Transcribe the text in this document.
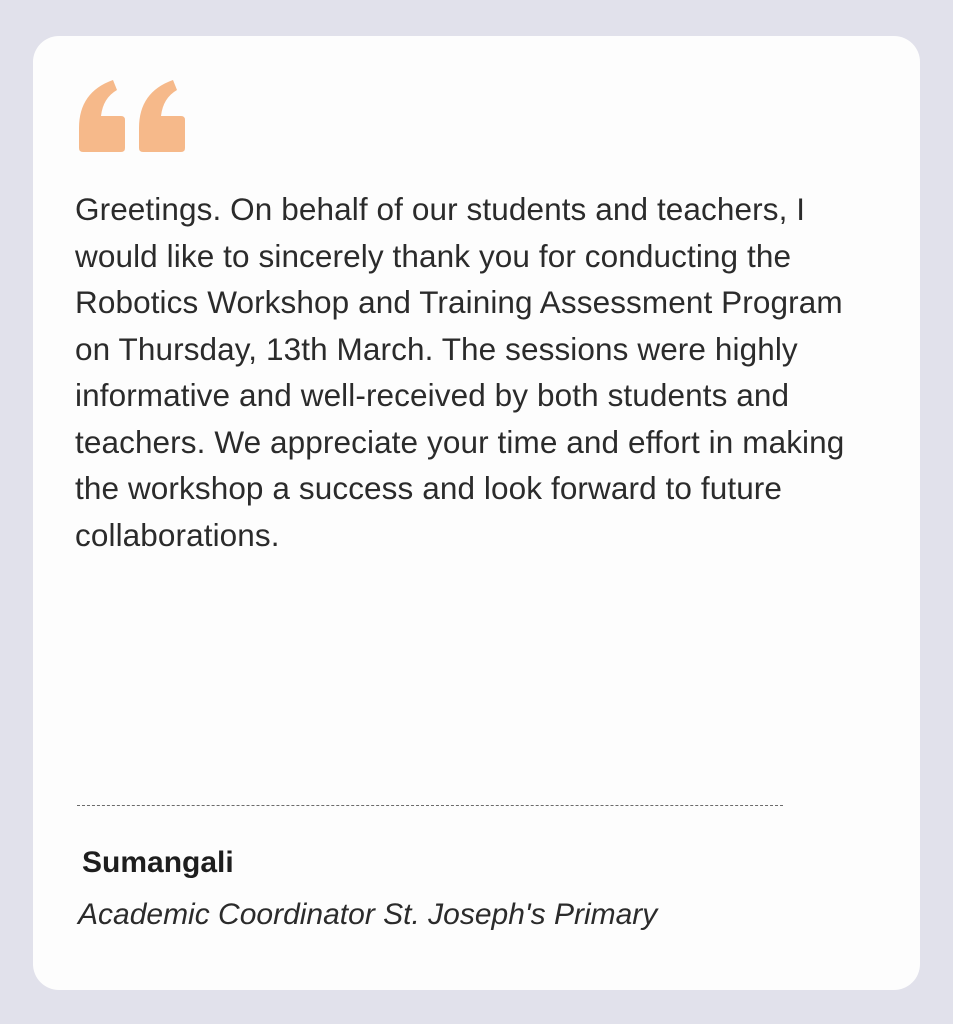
Greetings. On behalf of our students and teachers, I would like to sincerely thank you for conducting the Robotics Workshop and Training Assessment Program on Thursday, 13th March. The sessions were highly informative and well-received by both students and teachers. We appreciate your time and effort in making the workshop a success and look forward to future collaborations.

Sumangali

Academic Coordinator St. Joseph's Primary
